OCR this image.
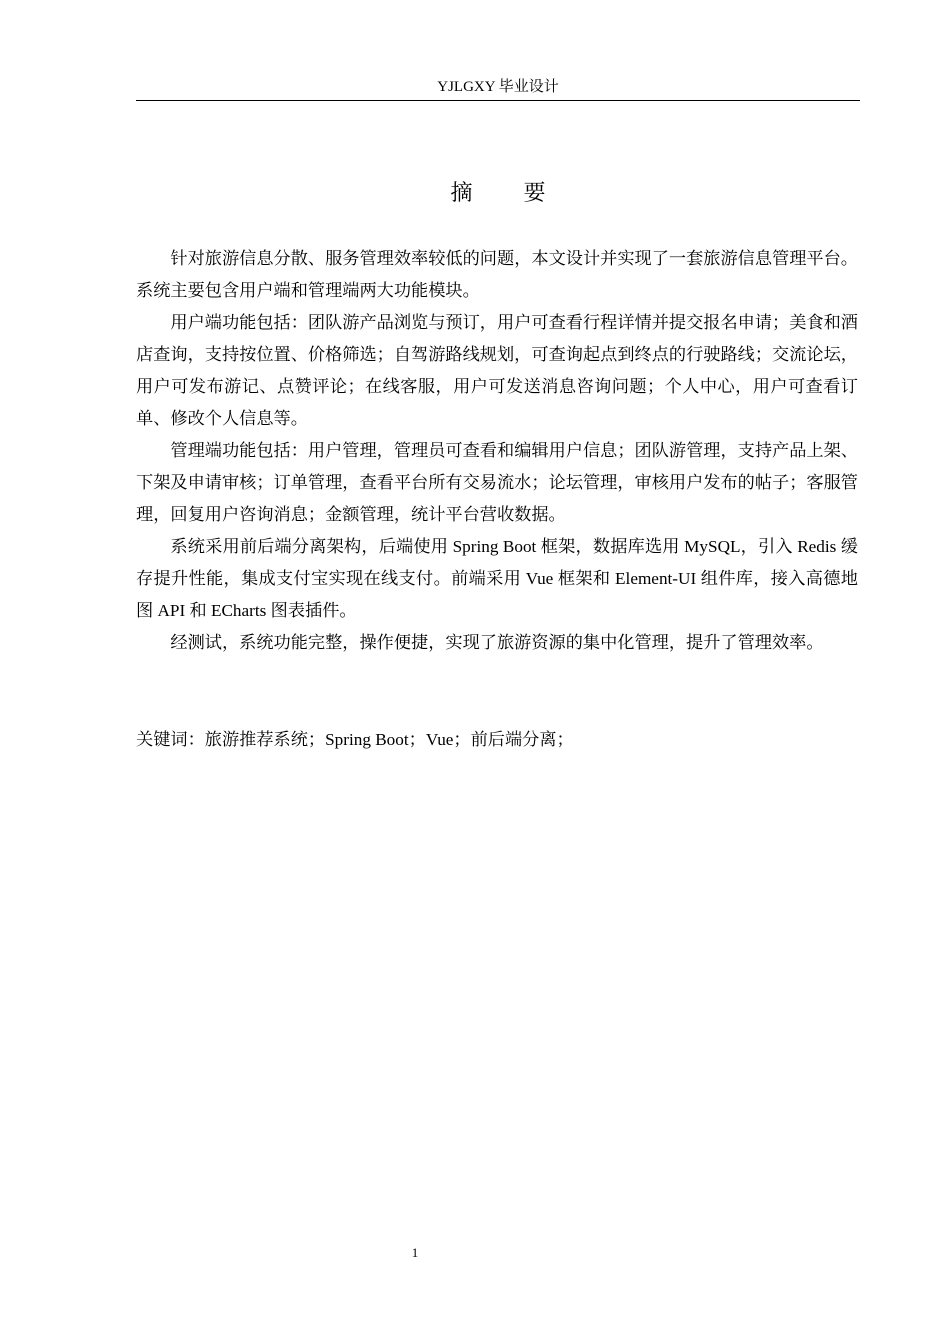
YJLGXY 毕业设计
摘 要

针对旅游信息分散、服务管理效率较低的问题，本文设计并实现了一套旅游信息管理平台。系统主要包含用户端和管理端两大功能模块。

用户端功能包括：团队游产品浏览与预订，用户可查看行程详情并提交报名申请；美食和酒店查询，支持按位置、价格筛选；自驾游路线规划，可查询起点到终点的行驶路线；交流论坛，用户可发布游记、点赞评论；在线客服，用户可发送消息咨询问题；个人中心，用户可查看订单、修改个人信息等。

管理端功能包括：用户管理，管理员可查看和编辑用户信息；团队游管理，支持产品上架、下架及申请审核；订单管理，查看平台所有交易流水；论坛管理，审核用户发布的帖子；客服管理，回复用户咨询消息；金额管理，统计平台营收数据。

系统采用前后端分离架构，后端使用 Spring Boot 框架，数据库选用 MySQL，引入 Redis 缓存提升性能，集成支付宝实现在线支付。前端采用 Vue 框架和 Element-UI 组件库，接入高德地图 API 和 ECharts 图表插件。

经测试，系统功能完整，操作便捷，实现了旅游资源的集中化管理，提升了管理效率。

关键词：旅游推荐系统；Spring Boot；Vue；前后端分离；
1
